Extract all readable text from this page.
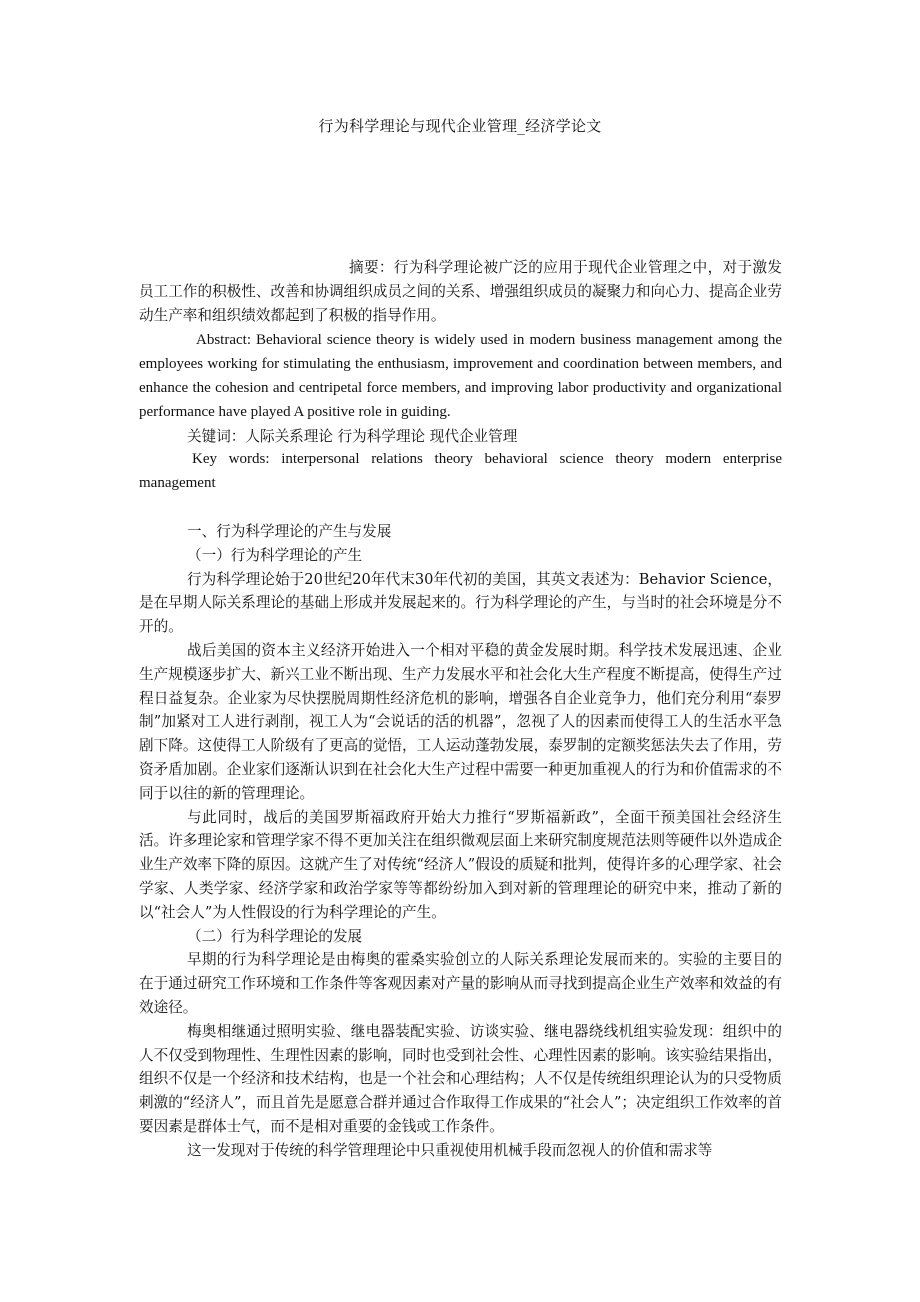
行为科学理论与现代企业管理_经济学论文

摘要：行为科学理论被广泛的应用于现代企业管理之中，对于激发员工工作的积极性、改善和协调组织成员之间的关系、增强组织成员的凝聚力和向心力、提高企业劳动生产率和组织绩效都起到了积极的指导作用。

Abstract: Behavioral science theory is widely used in modern business management among the employees working for stimulating the enthusiasm, improvement and coordination between members, and enhance the cohesion and centripetal force members, and improving labor productivity and organizational performance have played A positive role in guiding.

关键词：人际关系理论 行为科学理论 现代企业管理

Key words: interpersonal relations theory behavioral science theory modern enterprise management

一、行为科学理论的产生与发展

（一）行为科学理论的产生

行为科学理论始于20世纪20年代末30年代初的美国，其英文表述为：Behavior Science，是在早期人际关系理论的基础上形成并发展起来的。行为科学理论的产生，与当时的社会环境是分不开的。

战后美国的资本主义经济开始进入一个相对平稳的黄金发展时期。科学技术发展迅速、企业生产规模逐步扩大、新兴工业不断出现、生产力发展水平和社会化大生产程度不断提高，使得生产过程日益复杂。企业家为尽快摆脱周期性经济危机的影响，增强各自企业竞争力，他们充分利用“泰罗制”加紧对工人进行剥削，视工人为“会说话的活的机器”，忽视了人的因素而使得工人的生活水平急剧下降。这使得工人阶级有了更高的觉悟，工人运动蓬勃发展，泰罗制的定额奖惩法失去了作用，劳资矛盾加剧。企业家们逐渐认识到在社会化大生产过程中需要一种更加重视人的行为和价值需求的不同于以往的新的管理理论。

与此同时，战后的美国罗斯福政府开始大力推行“罗斯福新政”，全面干预美国社会经济生活。许多理论家和管理学家不得不更加关注在组织微观层面上来研究制度规范法则等硬件以外造成企业生产效率下降的原因。这就产生了对传统“经济人”假设的质疑和批判，使得许多的心理学家、社会学家、人类学家、经济学家和政治学家等等都纷纷加入到对新的管理理论的研究中来，推动了新的以“社会人”为人性假设的行为科学理论的产生。

（二）行为科学理论的发展

早期的行为科学理论是由梅奥的霍桑实验创立的人际关系理论发展而来的。实验的主要目的在于通过研究工作环境和工作条件等客观因素对产量的影响从而寻找到提高企业生产效率和效益的有效途径。

梅奥相继通过照明实验、继电器装配实验、访谈实验、继电器绕线机组实验发现：组织中的人不仅受到物理性、生理性因素的影响，同时也受到社会性、心理性因素的影响。该实验结果指出，组织不仅是一个经济和技术结构，也是一个社会和心理结构；人不仅是传统组织理论认为的只受物质刺激的“经济人”，而且首先是愿意合群并通过合作取得工作成果的“社会人”；决定组织工作效率的首要因素是群体士气，而不是相对重要的金钱或工作条件。

这一发现对于传统的科学管理理论中只重视使用机械手段而忽视人的价值和需求等
